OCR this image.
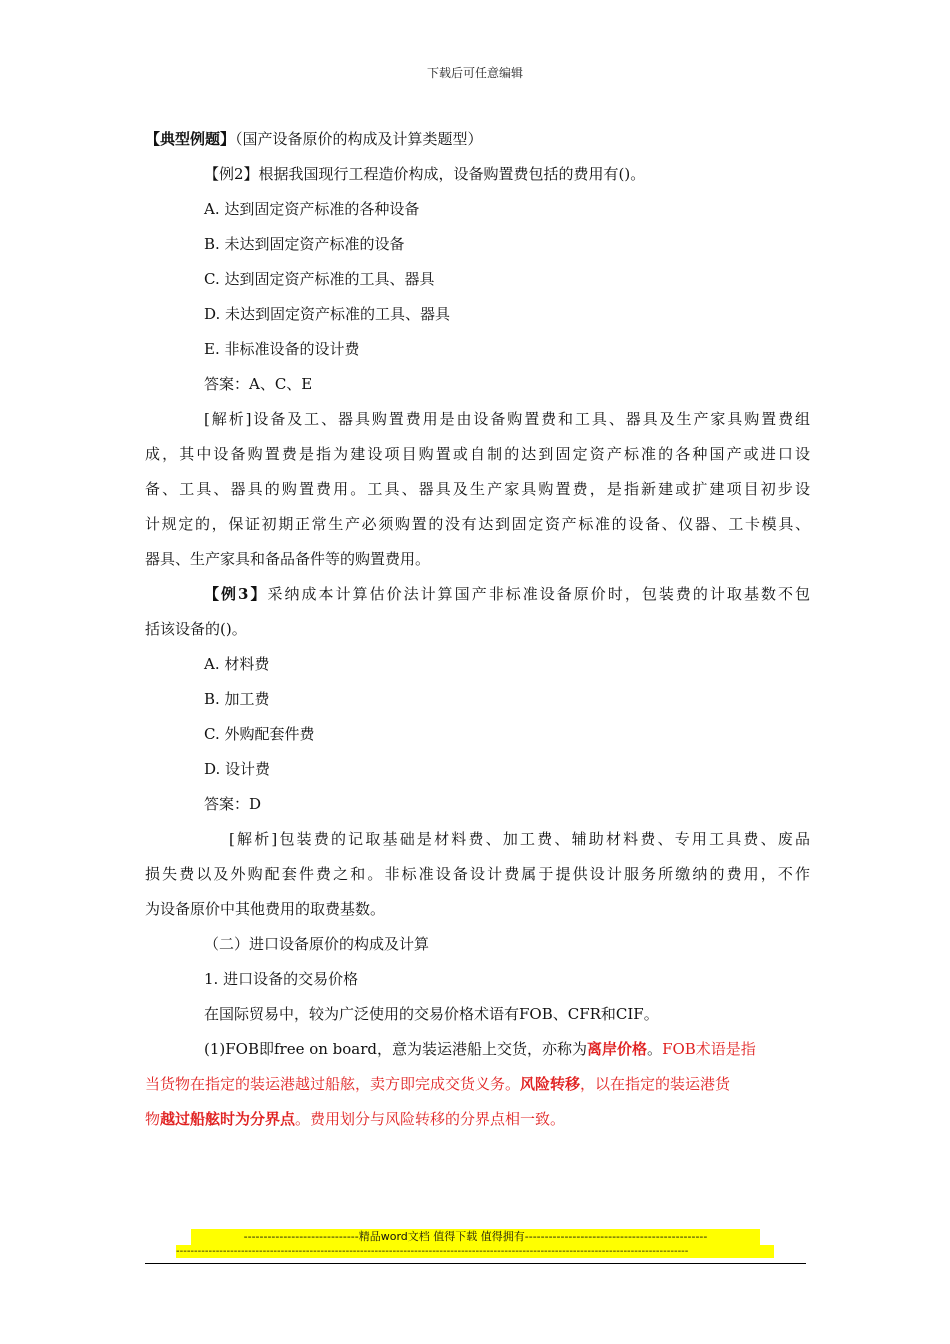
下载后可任意编辑
【典型例题】（国产设备原价的构成及计算类题型）
【例2】根据我国现行工程造价构成，设备购置费包括的费用有()。
A. 达到固定资产标准的各种设备
B. 未达到固定资产标准的设备
C. 达到固定资产标准的工具、器具
D. 未达到固定资产标准的工具、器具
E. 非标准设备的设计费
答案：A、C、E
[解析]设备及工、器具购置费用是由设备购置费和工具、器具及生产家具购置费组
成，其中设备购置费是指为建设项目购置或自制的达到固定资产标准的各种国产或进口设
备、工具、器具的购置费用。工具、器具及生产家具购置费，是指新建或扩建项目初步设
计规定的，保证初期正常生产必须购置的没有达到固定资产标准的设备、仪器、工卡模具、
器具、生产家具和备品备件等的购置费用。
【例3】采纳成本计算估价法计算国产非标准设备原价时，包装费的计取基数不包
括该设备的()。
A. 材料费
B. 加工费
C. 外购配套件费
D. 设计费
答案：D
[解析]包装费的记取基础是材料费、加工费、辅助材料费、专用工具费、废品
损失费以及外购配套件费之和。非标准设备设计费属于提供设计服务所缴纳的费用，不作
为设备原价中其他费用的取费基数。
（二）进口设备原价的构成及计算
1. 进口设备的交易价格
在国际贸易中，较为广泛使用的交易价格术语有FOB、CFR和CIF。
(1)FOB即free on board，意为装运港船上交货，亦称为离岸价格。FOB术语是指
当货物在指定的装运港越过船舷，卖方即完成交货义务。风险转移，以在指定的装运港货
物越过船舷时为分界点。费用划分与风险转移的分界点相一致。
-----------------------------精品word文档 值得下载 值得拥有----------------------------------------------
----------------------------------------------------------------------------------------------------------------------------------------------
